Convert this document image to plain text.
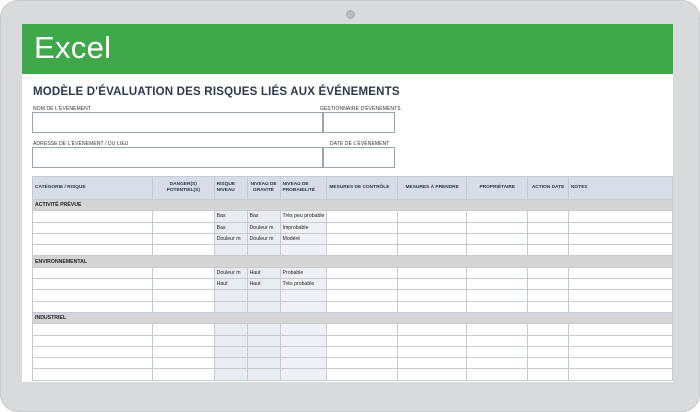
Excel
MODÈLE D'ÉVALUATION DES RISQUES LIÉS AUX ÉVÉNEMENTS
NOM DE L'ÉVÉNEMENT	GESTIONNAIRE D'ÉVÉNEMENTS
ADRESSE DE L'ÉVÉNEMENT / DU LIEU	DATE DE L'ÉVÉNEMENT
CATÉGORIE / RISQUE	DANGER(S) POTENTIEL(S)	RISQUE NIVEAU	NIVEAU DE GRAVITÉ	NIVEAU DE PROBABILITÉ	MESURES DE CONTRÔLE	MESURES À PRENDRE	PROPRIÉTAIRE	ACTION DATE	NOTES
ACTIVITÉ PRÉVUE									
		Bas	Bas	Très peu probable					
		Bas	Douleur m	Improbable					
		Douleur m	Douleur m	Modéré					

ENVIRONNEMENTAL									
		Douleur m	Haut	Probable					
		Haut	Haut	Très probable					

INDUSTRIEL									
